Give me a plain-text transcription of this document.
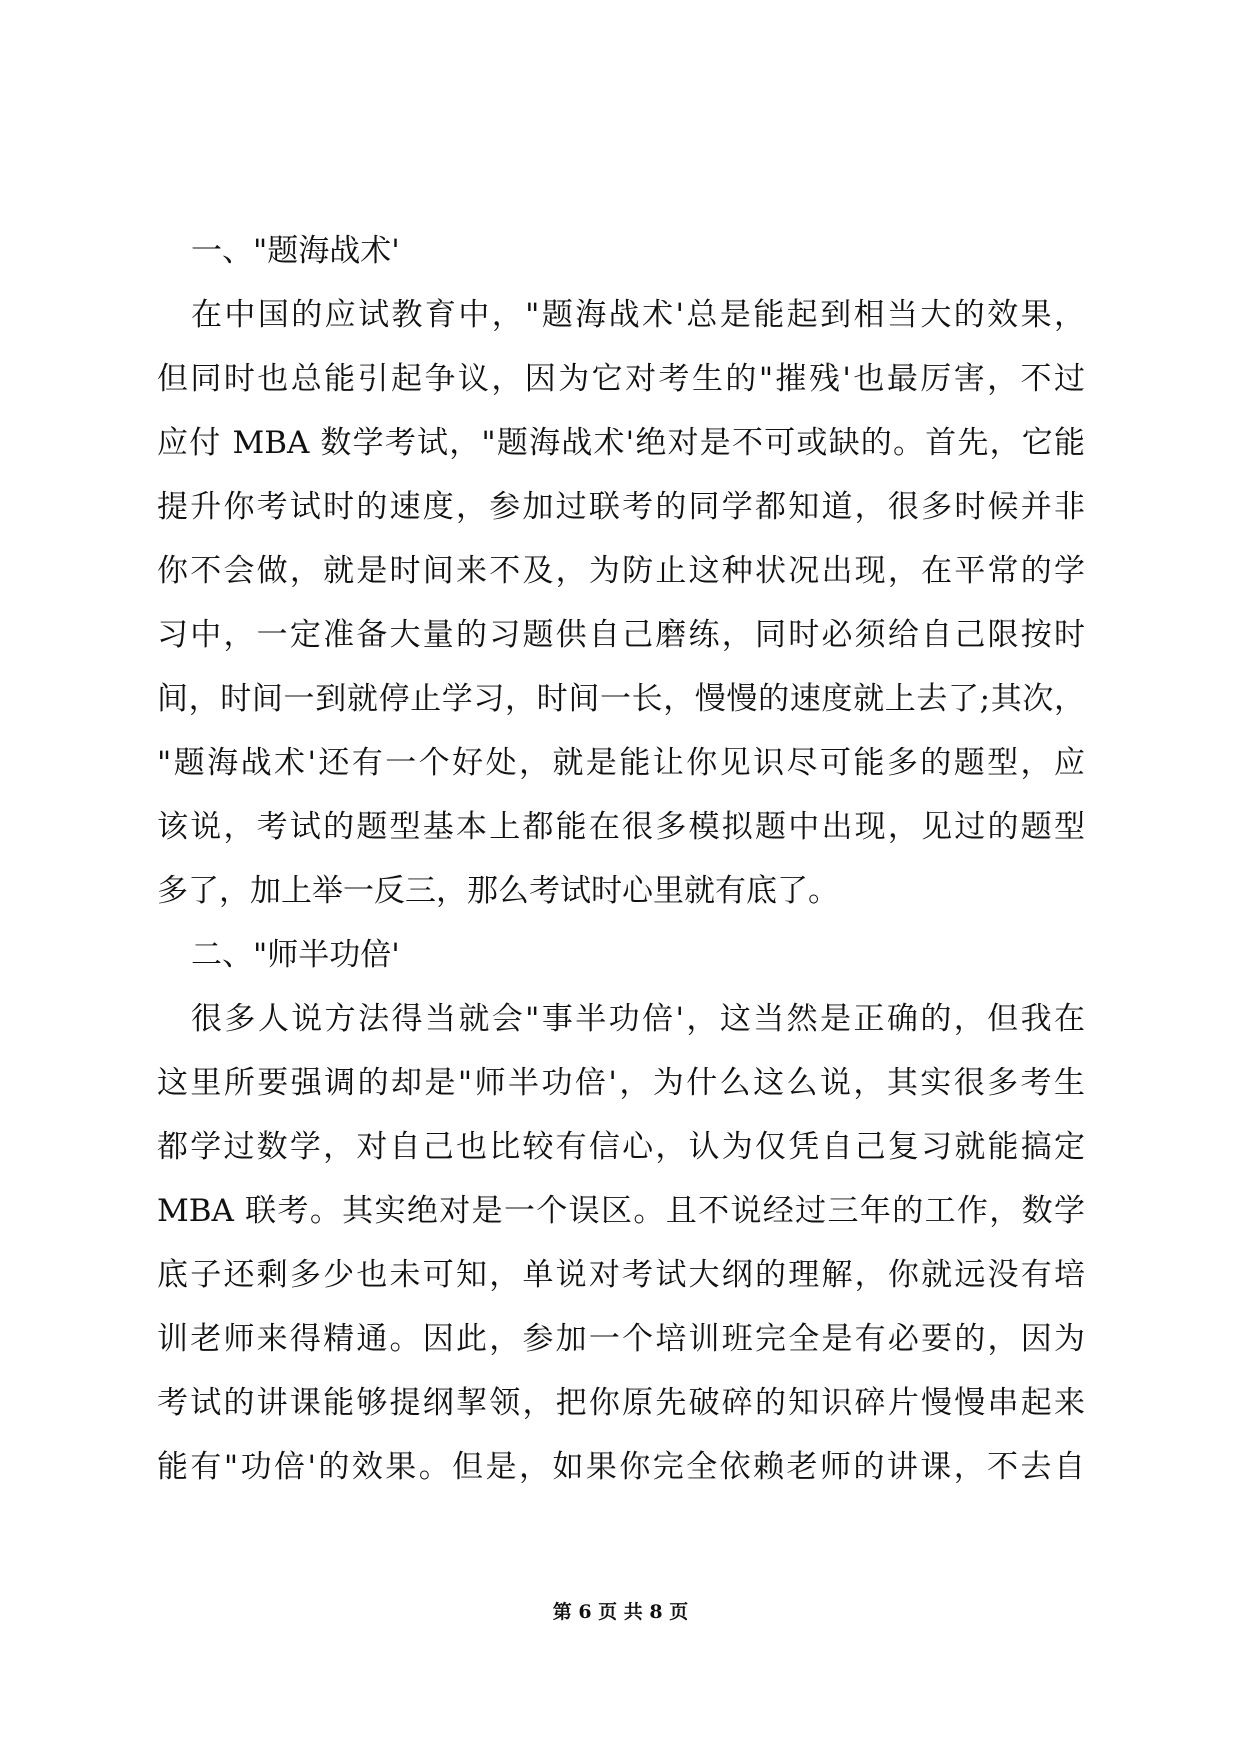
一、"题海战术'
在中国的应试教育中，"题海战术'总是能起到相当大的效果，
但同时也总能引起争议，因为它对考生的"摧残'也最厉害，不过
应付 MBA 数学考试，"题海战术'绝对是不可或缺的。首先，它能
提升你考试时的速度，参加过联考的同学都知道，很多时候并非
你不会做，就是时间来不及，为防止这种状况出现，在平常的学
习中，一定准备大量的习题供自己磨练，同时必须给自己限按时
间，时间一到就停止学习，时间一长，慢慢的速度就上去了;其次，
"题海战术'还有一个好处，就是能让你见识尽可能多的题型，应
该说，考试的题型基本上都能在很多模拟题中出现，见过的题型
多了，加上举一反三，那么考试时心里就有底了。
二、"师半功倍'
很多人说方法得当就会"事半功倍'，这当然是正确的，但我在
这里所要强调的却是"师半功倍'，为什么这么说，其实很多考生
都学过数学，对自己也比较有信心，认为仅凭自己复习就能搞定
MBA 联考。其实绝对是一个误区。且不说经过三年的工作，数学
底子还剩多少也未可知，单说对考试大纲的理解，你就远没有培
训老师来得精通。因此，参加一个培训班完全是有必要的，因为
考试的讲课能够提纲挈领，把你原先破碎的知识碎片慢慢串起来
能有"功倍'的效果。但是，如果你完全依赖老师的讲课，不去自
第 6 页 共 8 页
